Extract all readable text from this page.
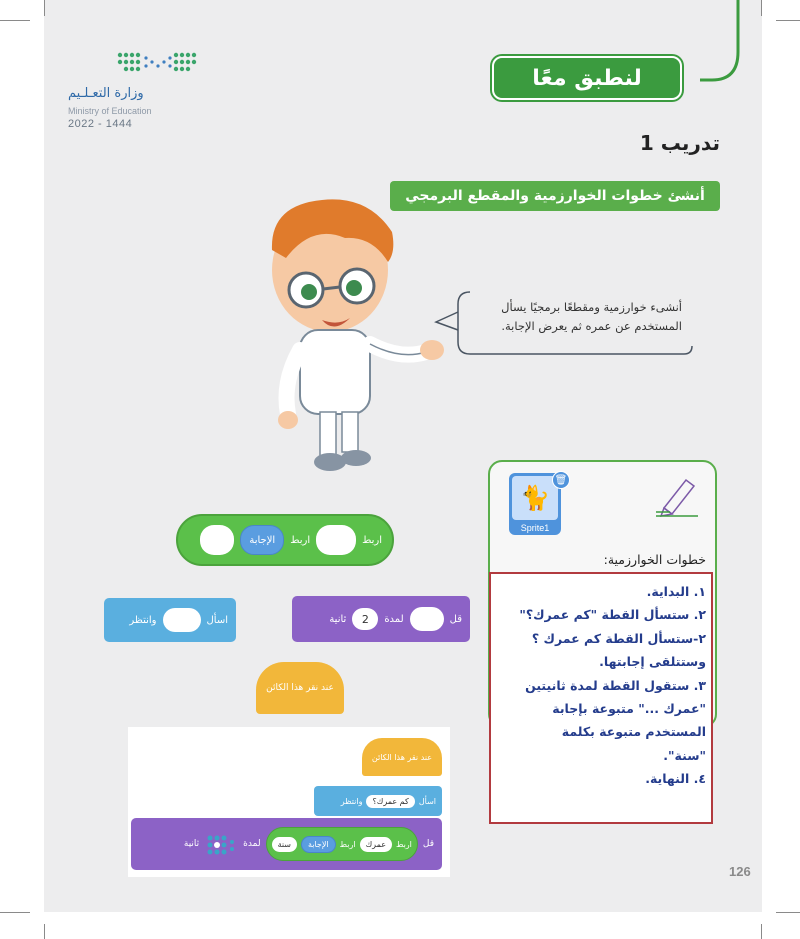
وزارة التعـلـيم
Ministry of Education
2022 - 1444
لنطبق معًا
تدريب 1
أنشئ خطوات الخوارزمية والمقطع البرمجي
أنشىء خوارزمية ومقطعًا برمجيًا يسأل
المستخدم عن عمره ثم يعرض الإجابة.
اربط
اربط
الإجابة
اسأل
وانتظر	قل
لمدة
2
ثانية
عند نقر هذا الكائن
🐈
Sprite1
🗑
خطوات الخوارزمية:
١. البداية.
٢. ستسأل القطة "كم عمرك؟"
٢-ستسأل القطة كم عمرك ؟
وستتلقى إجابتها.
٣. ستقول القطة لمدة ثانيتين
"عمرك ..." متبوعة بإجابة
المستخدم متبوعة بكلمة
"سنة".
٤. النهاية.
عند نقر هذا الكائن
اسأل
كم عمرك؟
وانتظر
قل
اربط
عمرك
اربط
الإجابة
سنة
لمدة
ثانية
126
